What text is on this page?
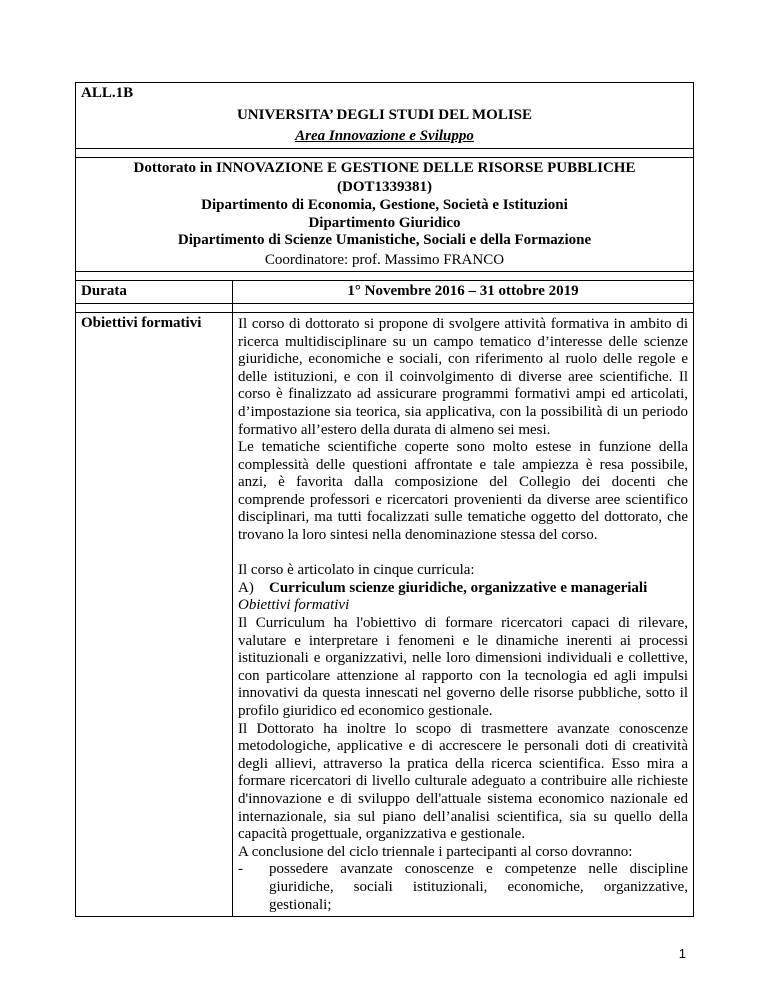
ALL.1B
UNIVERSITA’ DEGLI STUDI DEL MOLISE
Area Innovazione e Sviluppo
Dottorato in INNOVAZIONE E GESTIONE DELLE RISORSE PUBBLICHE
(DOT1339381)
Dipartimento di Economia, Gestione, Società e Istituzioni
Dipartimento Giuridico
Dipartimento di Scienze Umanistiche, Sociali e della Formazione
Coordinatore: prof. Massimo FRANCO
Durata	1° Novembre 2016 – 31 ottobre 2019
Obiettivi formativi	Il corso di dottorato si propone di svolgere attività formativa in ambito di ricerca multidisciplinare su un campo tematico d’interesse delle scienze giuridiche, economiche e sociali, con riferimento al ruolo delle regole e delle istituzioni, e con il coinvolgimento di diverse aree scientifiche. Il corso è finalizzato ad assicurare programmi formativi ampi ed articolati, d’impostazione sia teorica, sia applicativa, con la possibilità di un periodo formativo all’estero della durata di almeno sei mesi.
Le tematiche scientifiche coperte sono molto estese in funzione della complessità delle questioni affrontate e tale ampiezza è resa possibile, anzi, è favorita dalla composizione del Collegio dei docenti che comprende professori e ricercatori provenienti da diverse aree scientifico disciplinari, ma tutti focalizzati sulle tematiche oggetto del dottorato, che trovano la loro sintesi nella denominazione stessa del corso.
Il corso è articolato in cinque curricula:
A)	Curriculum scienze giuridiche, organizzative e manageriali
Obiettivi formativi
Il Curriculum ha l'obiettivo di formare ricercatori capaci di rilevare, valutare e interpretare i fenomeni e le dinamiche inerenti ai processi istituzionali e organizzativi, nelle loro dimensioni individuali e collettive, con particolare attenzione al rapporto con la tecnologia ed agli impulsi innovativi da questa innescati nel governo delle risorse pubbliche, sotto il profilo giuridico ed economico gestionale.
Il Dottorato ha inoltre lo scopo di trasmettere avanzate conoscenze metodologiche, applicative e di accrescere le personali doti di creatività degli allievi, attraverso la pratica della ricerca scientifica. Esso mira a formare ricercatori di livello culturale adeguato a contribuire alle richieste d'innovazione e di sviluppo dell'attuale sistema economico nazionale ed internazionale, sia sul piano dell’analisi scientifica, sia su quello della capacità progettuale, organizzativa e gestionale.
A conclusione del ciclo triennale i partecipanti al corso dovranno:
-	possedere avanzate conoscenze e competenze nelle discipline giuridiche, sociali istituzionali, economiche, organizzative, gestionali;
1
